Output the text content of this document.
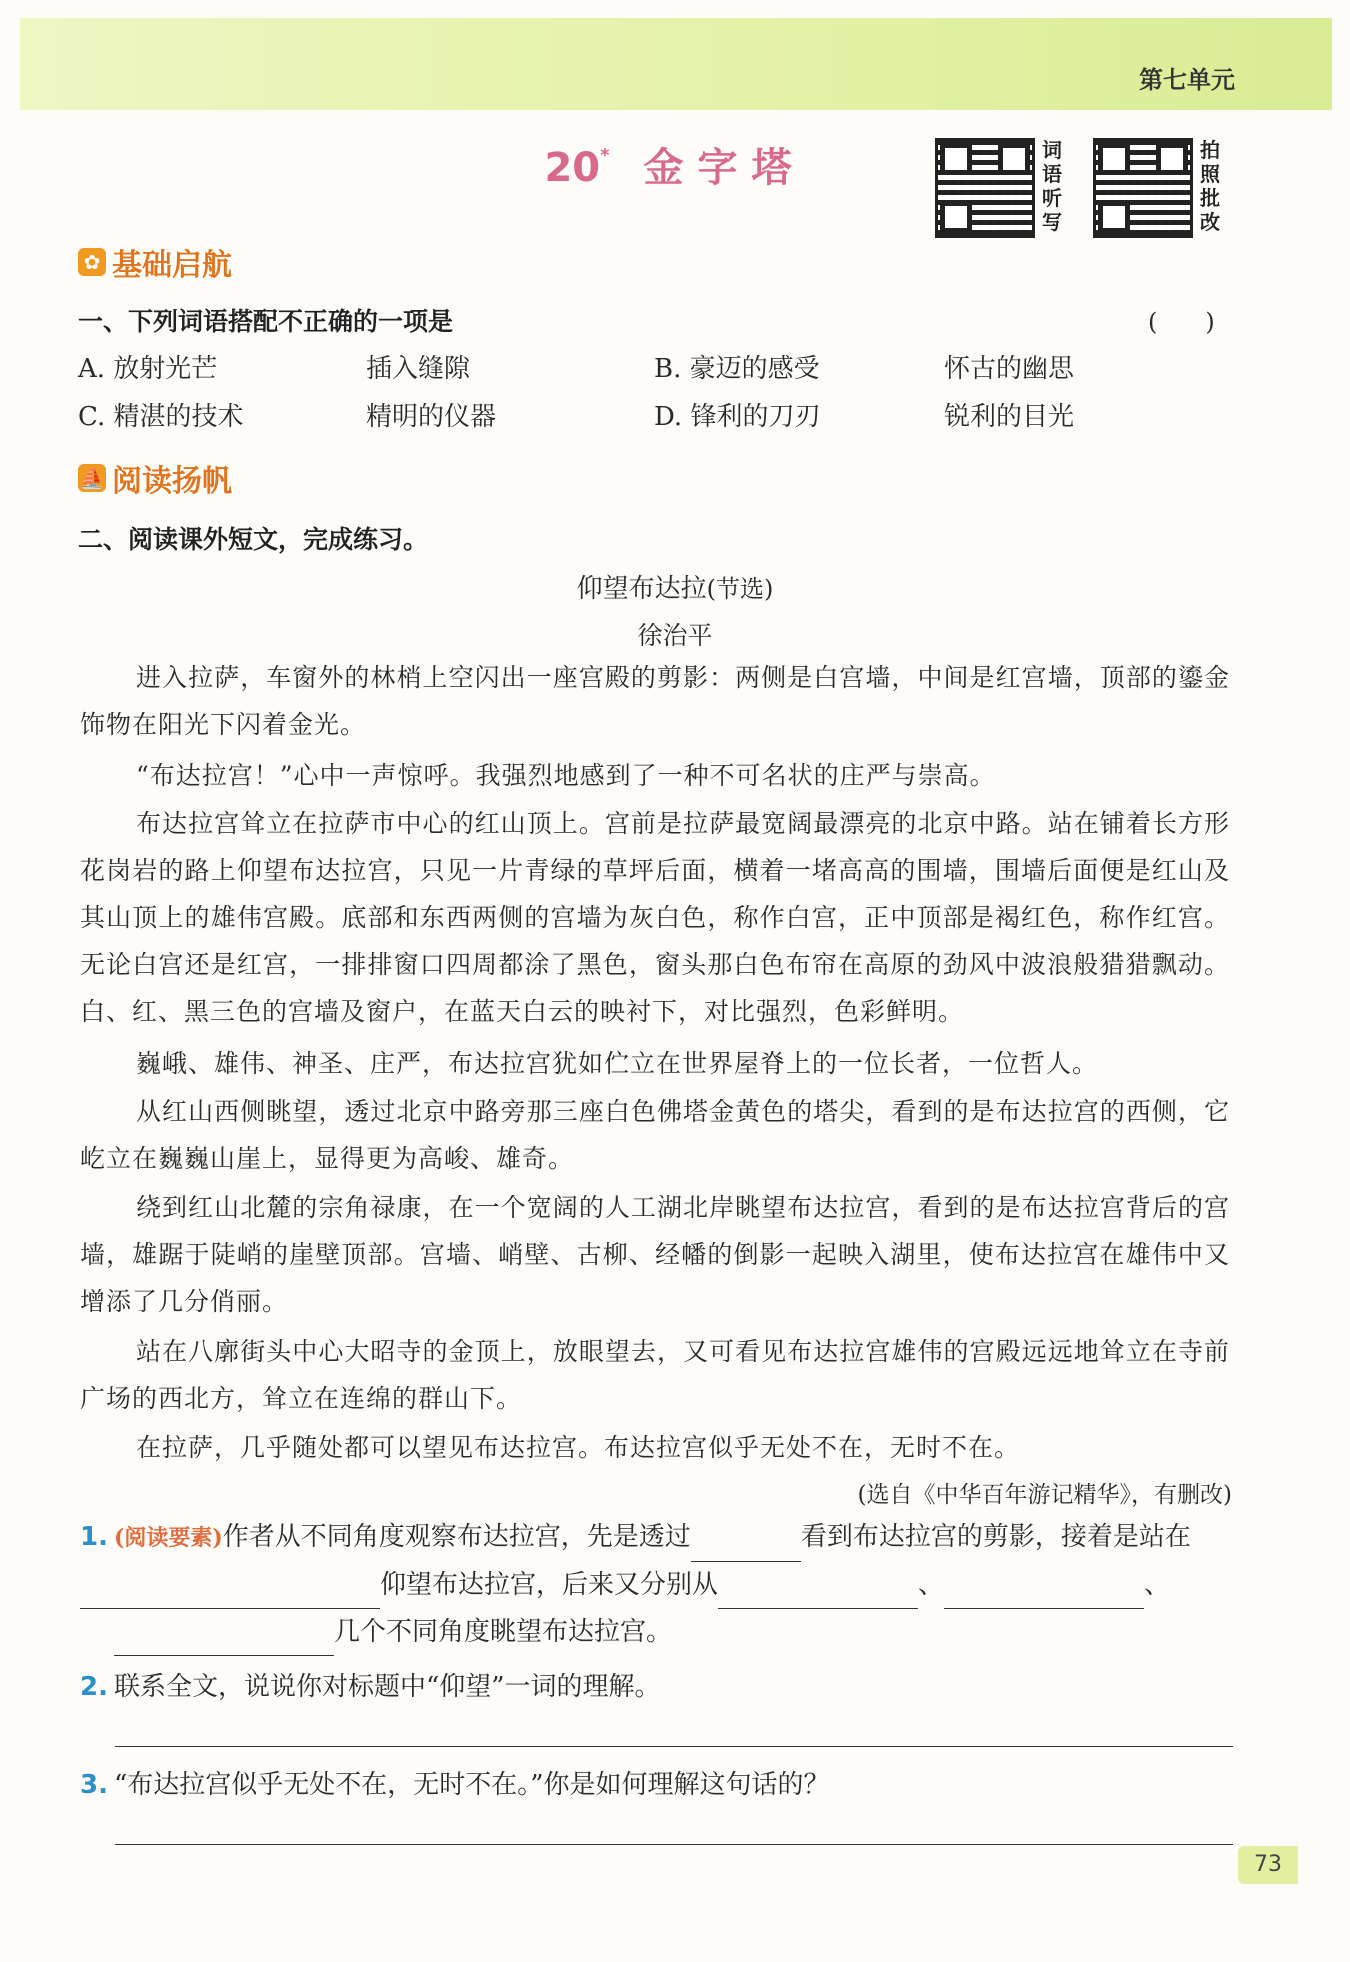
第七单元
20* 金字塔	词语听写
拍照批改
✿ 基础启航
一、下列词语搭配不正确的一项是	(　　)
A. 放射光芒	插入缝隙	B. 豪迈的感受	怀古的幽思
C. 精湛的技术	精明的仪器	D. 锋利的刀刃	锐利的目光
⛵ 阅读扬帆
二、阅读课外短文，完成练习。
仰望布达拉(节选)
徐治平
进入拉萨，车窗外的林梢上空闪出一座宫殿的剪影：两侧是白宫墙，中间是红宫墙，顶部的鎏金饰物在阳光下闪着金光。
“布达拉宫！”心中一声惊呼。我强烈地感到了一种不可名状的庄严与崇高。
布达拉宫耸立在拉萨市中心的红山顶上。宫前是拉萨最宽阔最漂亮的北京中路。站在铺着长方形花岗岩的路上仰望布达拉宫，只见一片青绿的草坪后面，横着一堵高高的围墙，围墙后面便是红山及其山顶上的雄伟宫殿。底部和东西两侧的宫墙为灰白色，称作白宫，正中顶部是褐红色，称作红宫。无论白宫还是红宫，一排排窗口四周都涂了黑色，窗头那白色布帘在高原的劲风中波浪般猎猎飘动。白、红、黑三色的宫墙及窗户，在蓝天白云的映衬下，对比强烈，色彩鲜明。
巍峨、雄伟、神圣、庄严，布达拉宫犹如伫立在世界屋脊上的一位长者，一位哲人。
从红山西侧眺望，透过北京中路旁那三座白色佛塔金黄色的塔尖，看到的是布达拉宫的西侧，它屹立在巍巍山崖上，显得更为高峻、雄奇。
绕到红山北麓的宗角禄康，在一个宽阔的人工湖北岸眺望布达拉宫，看到的是布达拉宫背后的宫墙，雄踞于陡峭的崖壁顶部。宫墙、峭壁、古柳、经幡的倒影一起映入湖里，使布达拉宫在雄伟中又增添了几分俏丽。
站在八廓街头中心大昭寺的金顶上，放眼望去，又可看见布达拉宫雄伟的宫殿远远地耸立在寺前广场的西北方，耸立在连绵的群山下。
在拉萨，几乎随处都可以望见布达拉宫。布达拉宫似乎无处不在，无时不在。
(选自《中华百年游记精华》，有删改)
1. (阅读要素)作者从不同角度观察布达拉宫，先是透过	看到布达拉宫的剪影，接着是站在仰望布达拉宫，后来又分别从	、	、
几个不同角度眺望布达拉宫。
2. 联系全文，说说你对标题中“仰望”一词的理解。
3. “布达拉宫似乎无处不在，无时不在。”你是如何理解这句话的？
73
